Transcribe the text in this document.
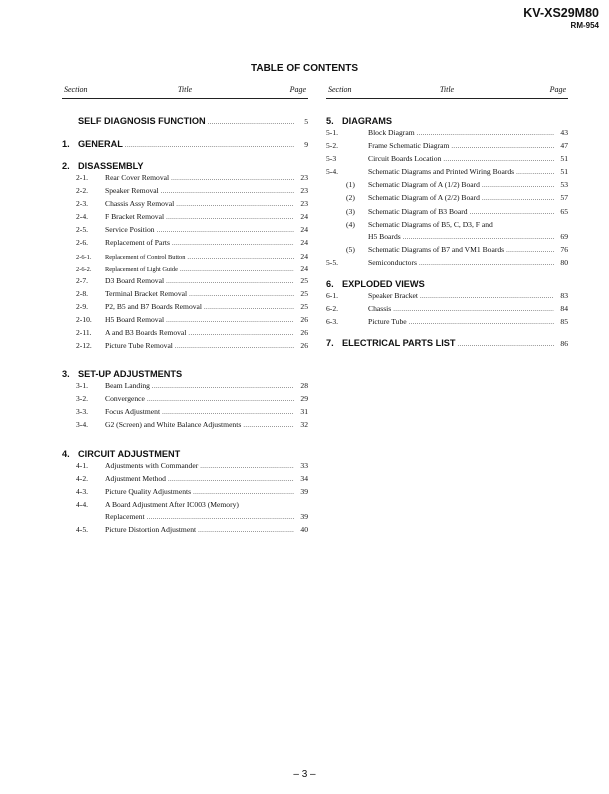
KV-XS29M80
RM-954
TABLE OF CONTENTS
Section	Title	Page
SELF DIAGNOSIS FUNCTION .....	5
1. GENERAL .....	9
2. DISASSEMBLY
2-1.	Rear Cover Removal .....	23
2-2.	Speaker Removal .....	23
2-3.	Chassis Assy Removal .....	23
2-4.	F Bracket Removal .....	24
2-5.	Service Position .....	24
2-6.	Replacement of Parts .....	24
2-6-1.	Replacement of Control Button .....	24
2-6-2.	Replacement of Light Guide .....	24
2-7.	D3 Board Removal .....	25
2-8.	Terminal Bracket Removal .....	25
2-9.	P2, B5 and B7 Boards Removal .....	25
2-10.	H5 Board Removal .....	26
2-11.	A and B3 Boards Removal .....	26
2-12.	Picture Tube Removal .....	26
3. SET-UP ADJUSTMENTS
3-1.	Beam Landing .....	28
3-2.	Convergence .....	29
3-3.	Focus Adjustment .....	31
3-4.	G2 (Screen) and White Balance Adjustments .....	32
4. CIRCUIT ADJUSTMENT
4-1.	Adjustments with Commander .....	33
4-2.	Adjustment Method .....	34
4-3.	Picture Quality Adjustments .....	39
4-4.	A Board Adjustment After IC003 (Memory)
Replacement .....	39
4-5.	Picture Distortion Adjustment .....	40
Section	Title	Page
5. DIAGRAMS
5-1.	Block Diagram .....	43
5-2.	Frame Schematic Diagram .....	47
5-3	Circuit Boards Location .....	51
5-4.	Schematic Diagrams and Printed Wiring Boards .....	51
(1)	Schematic Diagram of A (1/2) Board .....	53
(2)	Schematic Diagram of A (2/2) Board .....	57
(3)	Schematic Diagram of B3 Board .....	65
(4)	Schematic Diagrams of B5, C, D3, F and
H5 Boards .....	69
(5)	Schematic Diagrams of B7 and VM1 Boards .....	76
5-5.	Semiconductors .....	80
6. EXPLODED VIEWS
6-1.	Speaker Bracket .....	83
6-2.	Chassis .....	84
6-3.	Picture Tube .....	85
7. ELECTRICAL PARTS LIST .....	86
– 3 –
